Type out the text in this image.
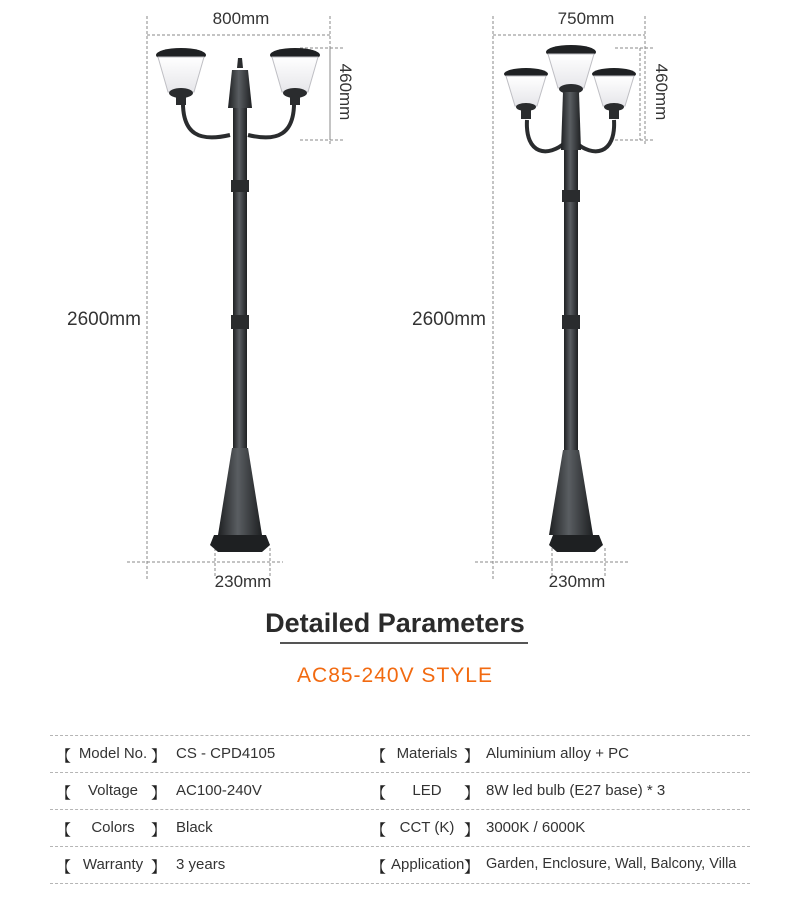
800mm
460mm
2600mm
230mm
750mm
460mm
2600mm
230mm
Detailed Parameters
AC85-240V STYLE
【 Model No. 】 CS - CPD4105	【 Materials 】 Aluminium alloy + PC
【	Voltage 】 AC100-240V	【	LED	】 8W led bulb (E27 base) * 3
【	Colors	】 Black	【 CCT (K) 】 3000K / 6000K
【 Warranty 】 3 years	【 Application 】 Garden, Enclosure, Wall, Balcony, Villa
